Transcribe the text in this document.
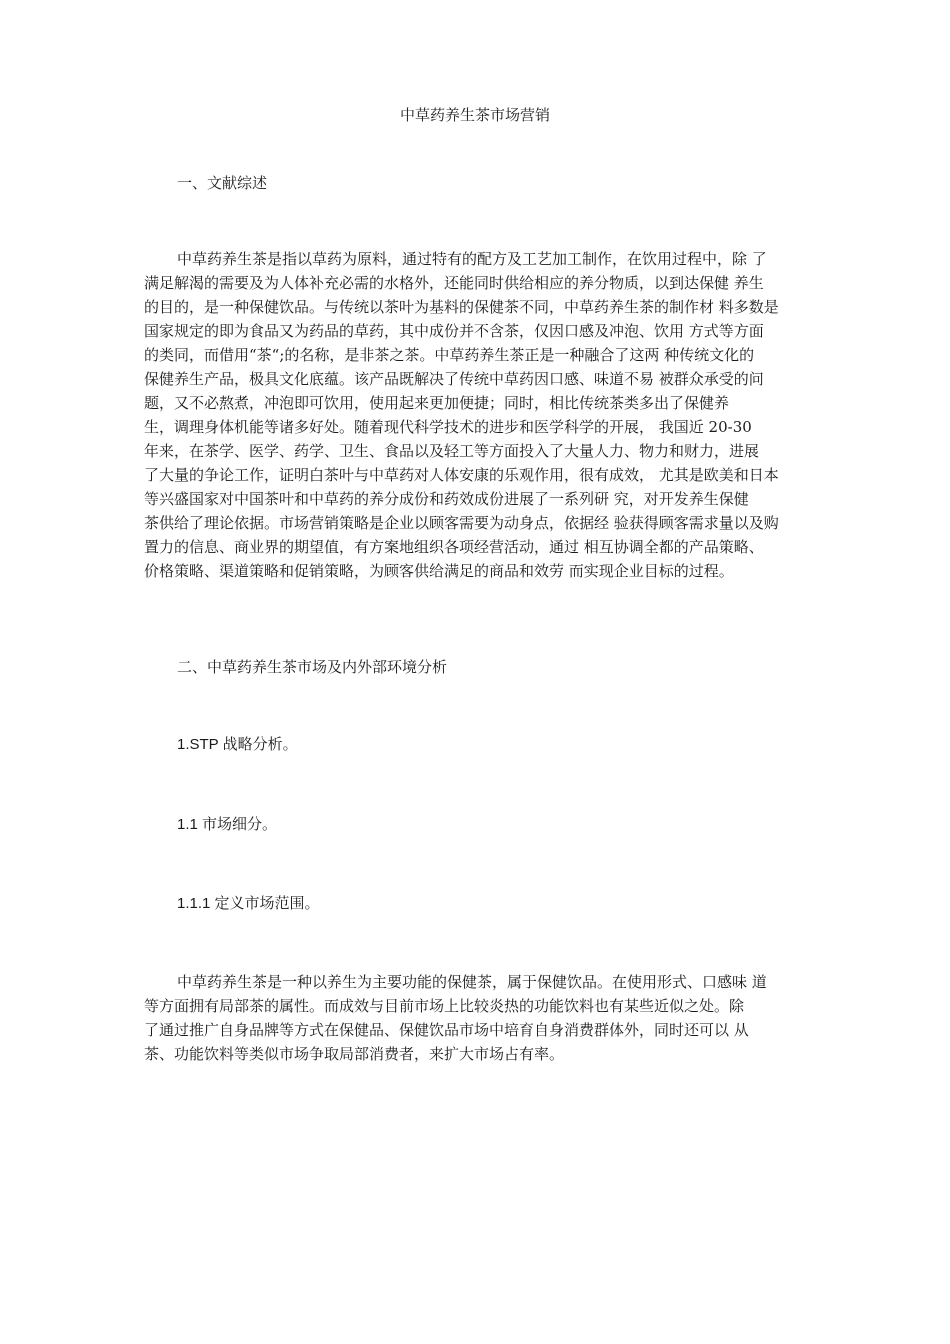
中草药养生茶市场营销
一、文献综述

中草药养生茶是指以草药为原料，通过特有的配方及工艺加工制作，在饮用过程中，除 了

满足解渴的需要及为人体补充必需的水格外，还能同时供给相应的养分物质，以到达保健 养生

的目的，是一种保健饮品。与传统以茶叶为基料的保健茶不同，中草药养生茶的制作材 料多数是

国家规定的即为食品又为药品的草药，其中成份并不含茶，仅因口感及冲泡、饮用 方式等方面

的类同，而借用“茶“;的名称，是非茶之茶。中草药养生茶正是一种融合了这两 种传统文化的

保健养生产品，极具文化底蕴。该产品既解决了传统中草药因口感、味道不易 被群众承受的问

题，又不必熬煮，冲泡即可饮用，使用起来更加便捷；同时，相比传统茶类多出了保健养

生，调理身体机能等诸多好处。随着现代科学技术的进步和医学科学的开展， 我国近 20-30

年来，在茶学、医学、药学、卫生、食品以及轻工等方面投入了大量人力、物力和财力，进展

了大量的争论工作，证明白茶叶与中草药对人体安康的乐观作用，很有成效， 尤其是欧美和日本

等兴盛国家对中国茶叶和中草药的养分成份和药效成份进展了一系列研 究，对开发养生保健

茶供给了理论依据。市场营销策略是企业以顾客需要为动身点，依据经 验获得顾客需求量以及购

置力的信息、商业界的期望值，有方案地组织各项经营活动，通过 相互协调全都的产品策略、

价格策略、渠道策略和促销策略，为顾客供给满足的商品和效劳 而实现企业目标的过程。

二、中草药养生茶市场及内外部环境分析
1.STP 战略分析。
1.1 市场细分。
1.1.1 定义市场范围。

中草药养生茶是一种以养生为主要功能的保健茶，属于保健饮品。在使用形式、口感味 道

等方面拥有局部茶的属性。而成效与目前市场上比较炎热的功能饮料也有某些近似之处。除

了通过推广自身品牌等方式在保健品、保健饮品市场中培育自身消费群体外，同时还可以 从

茶、功能饮料等类似市场争取局部消费者，来扩大市场占有率。
